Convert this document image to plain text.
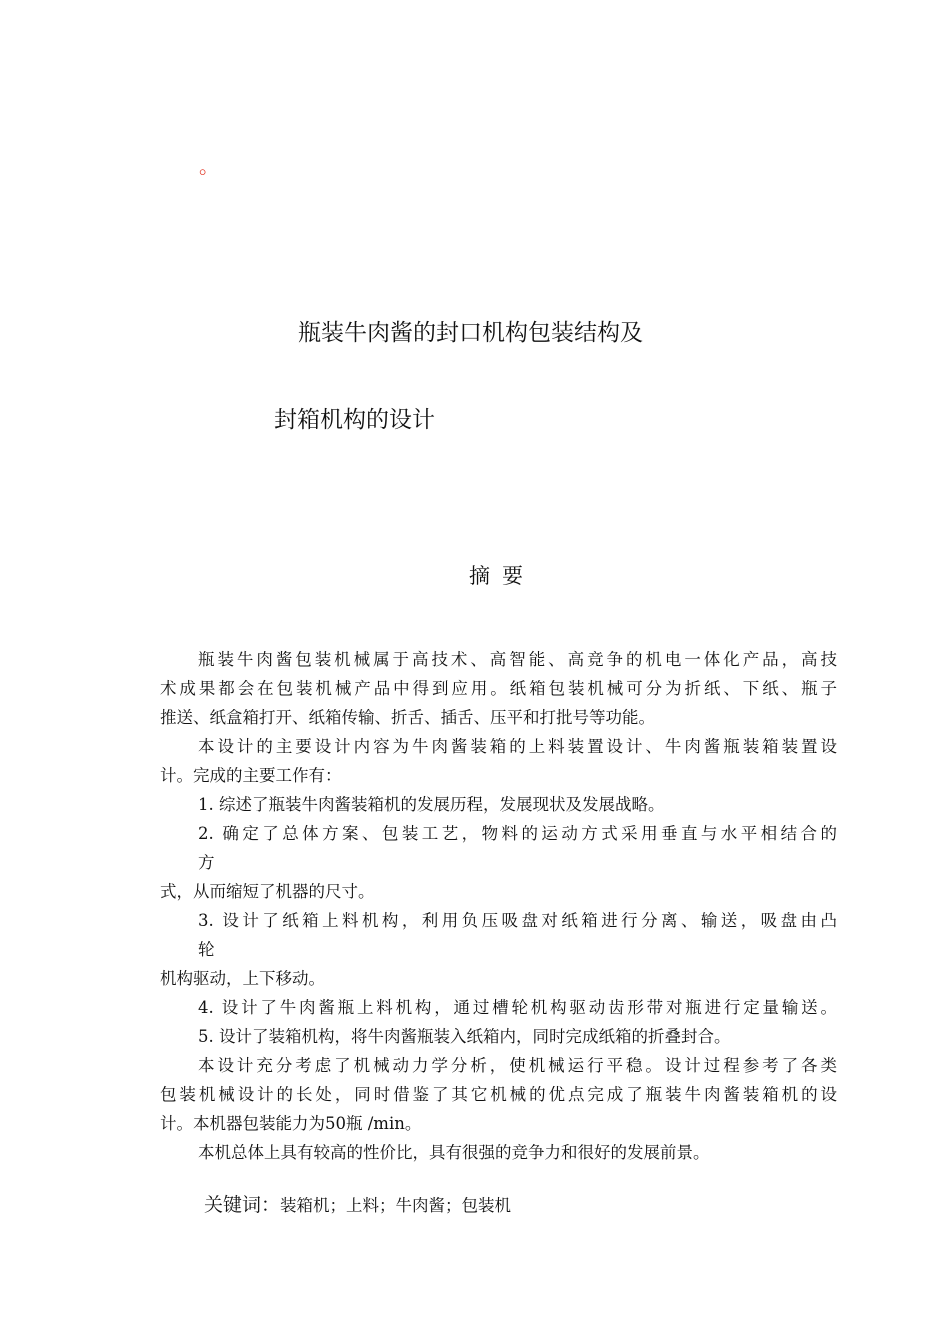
。
瓶装牛肉酱的封口机构包装结构及
封箱机构的设计
摘要
瓶装牛肉酱包装机械属于高技术、高智能、高竞争的机电一体化产品，高技
术成果都会在包装机械产品中得到应用。纸箱包装机械可分为折纸、下纸、瓶子
推送、纸盒箱打开、纸箱传输、折舌、插舌、压平和打批号等功能。
本设计的主要设计内容为牛肉酱装箱的上料装置设计、牛肉酱瓶装箱装置设
计。完成的主要工作有：
1. 综述了瓶装牛肉酱装箱机的发展历程，发展现状及发展战略。
2. 确定了总体方案、包装工艺，物料的运动方式采用垂直与水平相结合的
方
式，从而缩短了机器的尺寸。
3. 设计了纸箱上料机构，利用负压吸盘对纸箱进行分离、输送，吸盘由凸
轮
机构驱动，上下移动。
4. 设计了牛肉酱瓶上料机构，通过槽轮机构驱动齿形带对瓶进行定量输送。
5. 设计了装箱机构，将牛肉酱瓶装入纸箱内，同时完成纸箱的折叠封合。
本设计充分考虑了机械动力学分析，使机械运行平稳。设计过程参考了各类
包装机械设计的长处，同时借鉴了其它机械的优点完成了瓶装牛肉酱装箱机的设
计。本机器包装能力为50瓶 /min。
本机总体上具有较高的性价比，具有很强的竞争力和很好的发展前景。
关键词：装箱机；上料；牛肉酱；包装机
